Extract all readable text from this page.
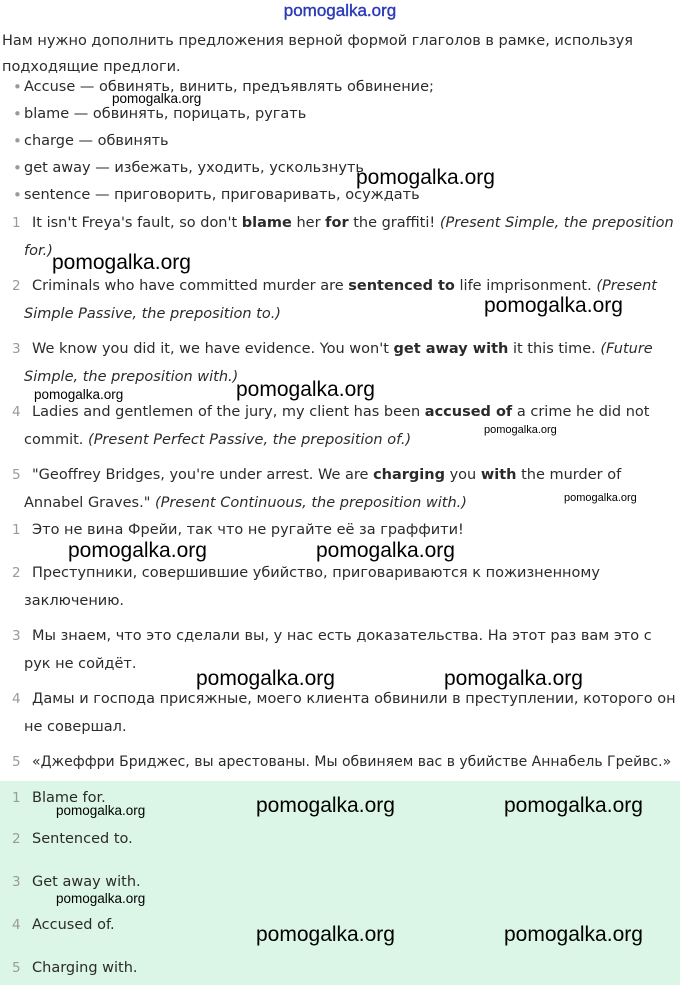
pomogalka.org
Нам нужно дополнить предложения верной формой глаголов в рамке, используя подходящие предлоги.
• Accuse — обвинять, винить, предъявлять обвинение;
• blame — обвинять, порицать, ругать
• charge — обвинять
• get away — избежать, уходить, ускользнуть
• sentence — приговорить, приговаривать, осуждать
1 It isn't Freya's fault, so don't blame her for the graffiti! (Present Simple, the preposition for.)
2 Criminals who have committed murder are sentenced to life imprisonment. (Present Simple Passive, the preposition to.)
3 We know you did it, we have evidence. You won't get away with it this time. (Future Simple, the preposition with.)
4 Ladies and gentlemen of the jury, my client has been accused of a crime he did not commit. (Present Perfect Passive, the preposition of.)
5 "Geoffrey Bridges, you're under arrest. We are charging you with the murder of Annabel Graves." (Present Continuous, the preposition with.)
1 Это не вина Фрейи, так что не ругайте её за граффити!
2 Преступники, совершившие убийство, приговариваются к пожизненному заключению.
3 Мы знаем, что это сделали вы, у нас есть доказательства. На этот раз вам это с рук не сойдёт.
4 Дамы и господа присяжные, моего клиента обвинили в преступлении, которого он не совершал.
5 «Джеффри Бриджес, вы арестованы. Мы обвиняем вас в убийстве Аннабель Грейвс.»
1 Blame for.
2 Sentenced to.
3 Get away with.
4 Accused of.
5 Charging with.
pomogalka.org
pomogalka.org
pomogalka.org
pomogalka.org
pomogalka.org
pomogalka.org
pomogalka.org
pomogalka.org
pomogalka.org	pomogalka.org
pomogalka.org	pomogalka.org
pomogalka.org	pomogalka.org	pomogalka.org
pomogalka.org
pomogalka.org	pomogalka.org
